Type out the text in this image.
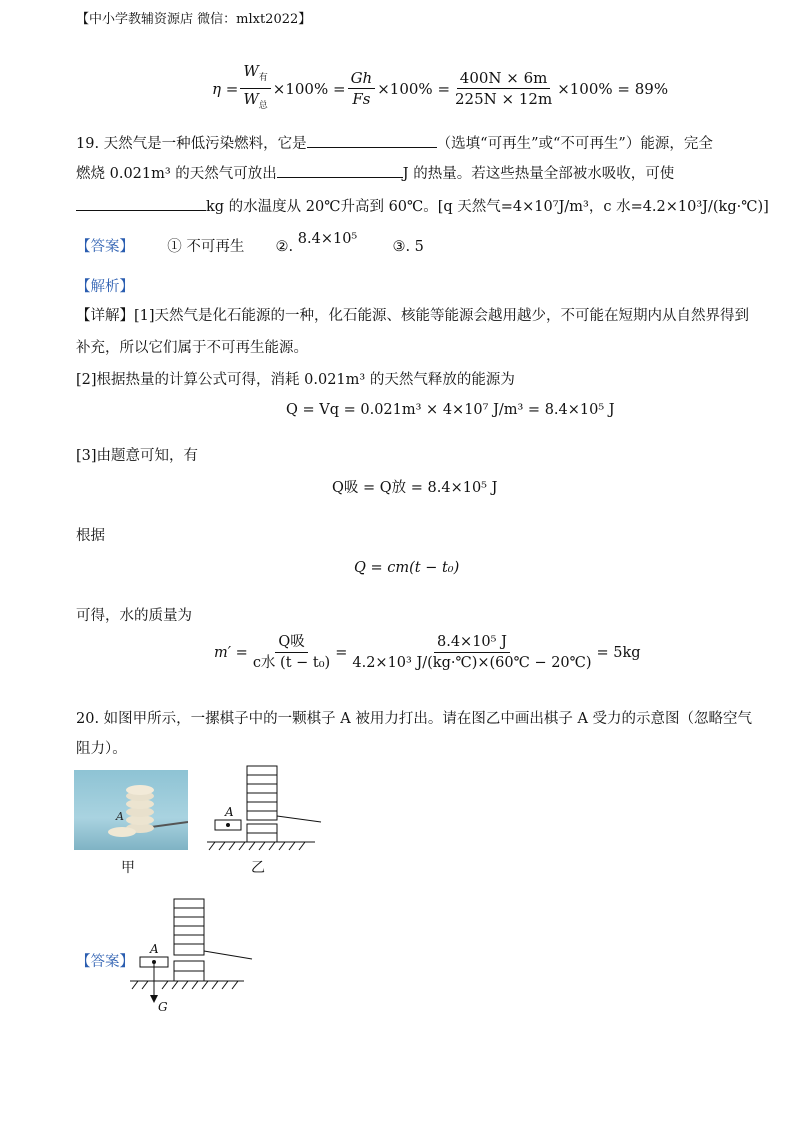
【中小学教辅资源店 微信：mlxt2022】
$\eta = \frac{W_有}{W_总} \times 100\% = \frac{Gh}{Fs} \times 100\% = \frac{400N \times 6m}{225N \times 12m} \times 100\% = 89\%$
19. 天然气是一种低污染燃料，它是	（选填“可再生”或“不可再生”）能源，完全
燃烧 0.021m³ 的天然气可放出	J 的热量。若这些热量全部被水吸收，可使
kg 的水温度从 20℃升高到 60℃。[q 天然气=4×10⁷J/m³，c 水=4.2×10³J/(kg·℃)]
【答案】 ① 不可再生 ②. 8.4×10⁵ ③. 5
【解析】
【详解】[1]天然气是化石能源的一种，化石能源、核能等能源会越用越少，不可能在短期内从自然界得到
补充，所以它们属于不可再生能源。
[2]根据热量的计算公式可得，消耗 0.021m³ 的天然气释放的能源为
Q = Vq = 0.021m³ × 4×10⁷ J/m³ = 8.4×10⁵ J
[3]由题意可知，有
Q吸 = Q放 = 8.4×10⁵ J
根据
Q = cm(t − t₀)
可得，水的质量为
$m' = \frac{\text{Q吸}}{\text{c水 (t − t₀)}} = \frac{\text{8.4×10⁵ J}}{\text{4.2×10³ J/(kg·℃)×(60℃ − 20℃)}} = 5kg$
20. 如图甲所示，一摞棋子中的一颗棋子 A 被用力打出。请在图乙中画出棋子 A 受力的示意图（忽略空气
阻力）。
A
甲
A
乙
【答案】
A
G
